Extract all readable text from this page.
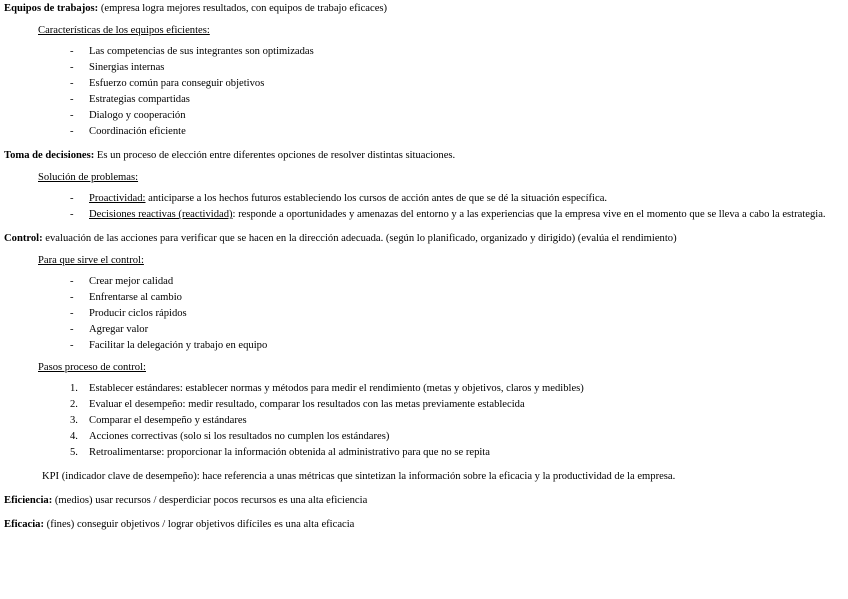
Equipos de trabajos: (empresa logra mejores resultados, con equipos de trabajo eficaces)

Características de los equipos eficientes:

- Las competencias de sus integrantes son optimizadas
- Sinergias internas
- Esfuerzo común para conseguir objetivos
- Estrategias compartidas
- Dialogo y cooperación
- Coordinación eficiente

Toma de decisiones: Es un proceso de elección entre diferentes opciones de resolver distintas situaciones.

Solución de problemas:

- Proactividad: anticiparse a los hechos futuros estableciendo los cursos de acción antes de que se dé la situación específica.
- Decisiones reactivas (reactividad): responde a oportunidades y amenazas del entorno y a las experiencias que la empresa vive en el momento que se lleva a cabo la estrategia.

Control: evaluación de las acciones para verificar que se hacen en la dirección adecuada. (según lo planificado, organizado y dirigido) (evalúa el rendimiento)

Para que sirve el control:

- Crear mejor calidad
- Enfrentarse al cambio
- Producir ciclos rápidos
- Agregar valor
- Facilitar la delegación y trabajo en equipo

Pasos proceso de control:

1. Establecer estándares: establecer normas y métodos para medir el rendimiento (metas y objetivos, claros y medibles)
2. Evaluar el desempeño: medir resultado, comparar los resultados con las metas previamente establecida
3. Comparar el desempeño y estándares
4. Acciones correctivas (solo si los resultados no cumplen los estándares)
5. Retroalimentarse: proporcionar la información obtenida al administrativo para que no se repita

KPI (indicador clave de desempeño): hace referencia a unas métricas que sintetizan la información sobre la eficacia y la productividad de la empresa.

Eficiencia: (medios) usar recursos / desperdiciar pocos recursos es una alta eficiencia

Eficacia: (fines) conseguir objetivos / lograr objetivos difíciles es una alta eficacia
